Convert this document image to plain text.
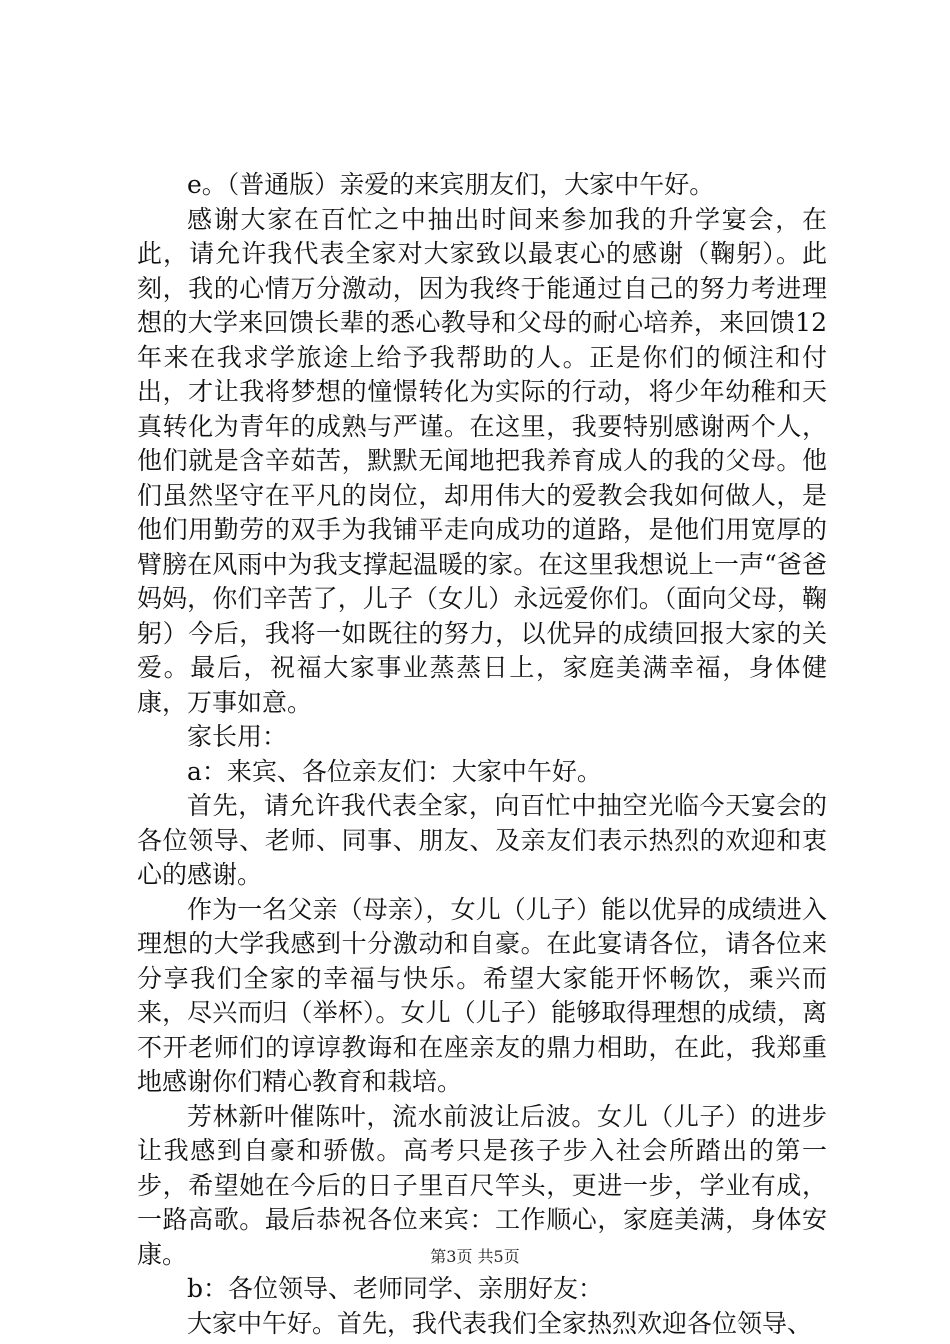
e。（普通版）亲爱的来宾朋友们，大家中午好。

感谢大家在百忙之中抽出时间来参加我的升学宴会，在此，请允许我代表全家对大家致以最衷心的感谢（鞠躬）。此刻，我的心情万分激动，因为我终于能通过自己的努力考进理想的大学来回馈长辈的悉心教导和父母的耐心培养，来回馈12年来在我求学旅途上给予我帮助的人。正是你们的倾注和付出，才让我将梦想的憧憬转化为实际的行动，将少年幼稚和天真转化为青年的成熟与严谨。在这里，我要特别感谢两个人，他们就是含辛茹苦，默默无闻地把我养育成人的我的父母。他们虽然坚守在平凡的岗位，却用伟大的爱教会我如何做人，是他们用勤劳的双手为我铺平走向成功的道路，是他们用宽厚的臂膀在风雨中为我支撑起温暖的家。在这里我想说上一声“爸爸妈妈，你们辛苦了，儿子（女儿）永远爱你们。（面向父母，鞠躬）今后，我将一如既往的努力，以优异的成绩回报大家的关爱。最后，祝福大家事业蒸蒸日上，家庭美满幸福，身体健康，万事如意。

家长用：

a：来宾、各位亲友们：大家中午好。

首先，请允许我代表全家，向百忙中抽空光临今天宴会的各位领导、老师、同事、朋友、及亲友们表示热烈的欢迎和衷心的感谢。

作为一名父亲（母亲），女儿（儿子）能以优异的成绩进入理想的大学我感到十分激动和自豪。在此宴请各位，请各位来分享我们全家的幸福与快乐。希望大家能开怀畅饮，乘兴而来，尽兴而归（举杯）。女儿（儿子）能够取得理想的成绩，离不开老师们的谆谆教诲和在座亲友的鼎力相助，在此，我郑重地感谢你们精心教育和栽培。

芳林新叶催陈叶，流水前波让后波。女儿（儿子）的进步让我感到自豪和骄傲。高考只是孩子步入社会所踏出的第一步，希望她在今后的日子里百尺竿头，更进一步，学业有成，一路高歌。最后恭祝各位来宾：工作顺心，家庭美满，身体安康。

b：各位领导、老师同学、亲朋好友：

大家中午好。首先，我代表我们全家热烈欢迎各位领导、

第3页 共5页
